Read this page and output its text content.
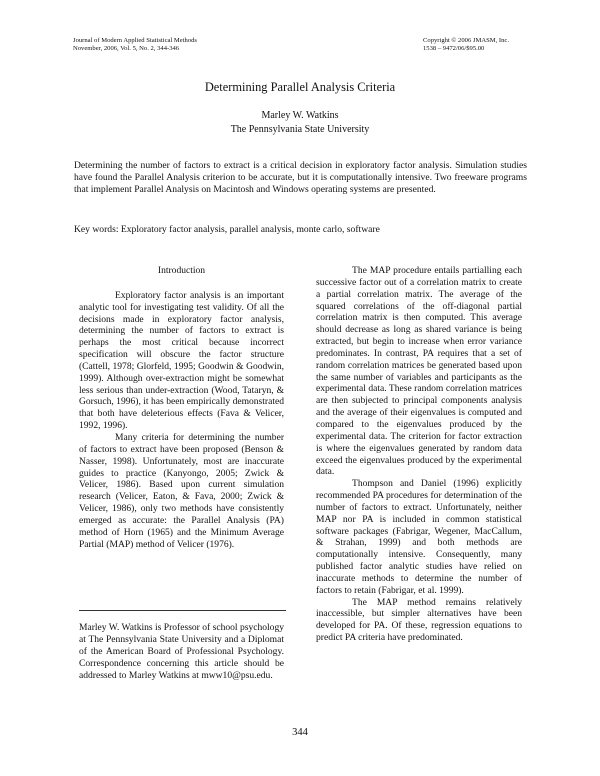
Journal of Modern Applied Statistical Methods
November, 2006, Vol. 5, No. 2, 344-346
Copyright © 2006 JMASM, Inc.
1538 – 9472/06/$95.00
Determining Parallel Analysis Criteria
Marley W. Watkins
The Pennsylvania State University
Determining the number of factors to extract is a critical decision in exploratory factor analysis. Simulation studies have found the Parallel Analysis criterion to be accurate, but it is computationally intensive. Two freeware programs that implement Parallel Analysis on Macintosh and Windows operating systems are presented.
Key words: Exploratory factor analysis, parallel analysis, monte carlo, software
Introduction

Exploratory factor analysis is an important analytic tool for investigating test validity. Of all the decisions made in exploratory factor analysis, determining the number of factors to extract is perhaps the most critical because incorrect specification will obscure the factor structure (Cattell, 1978; Glorfeld, 1995; Goodwin & Goodwin, 1999). Although over-extraction might be somewhat less serious than under-extraction (Wood, Tataryn, & Gorsuch, 1996), it has been empirically demonstrated that both have deleterious effects (Fava & Velicer, 1992, 1996).

Many criteria for determining the number of factors to extract have been proposed (Benson & Nasser, 1998). Unfortunately, most are inaccurate guides to practice (Kanyongo, 2005; Zwick & Velicer, 1986). Based upon current simulation research (Velicer, Eaton, & Fava, 2000; Zwick & Velicer, 1986), only two methods have consistently emerged as accurate: the Parallel Analysis (PA) method of Horn (1965) and the Minimum Average Partial (MAP) method of Velicer (1976).

Marley W. Watkins is Professor of school psychology at The Pennsylvania State University and a Diplomat of the American Board of Professional Psychology. Correspondence concerning this article should be addressed to Marley Watkins at mww10@psu.edu.

The MAP procedure entails partialling each successive factor out of a correlation matrix to create a partial correlation matrix. The average of the squared correlations of the off-diagonal partial correlation matrix is then computed. This average should decrease as long as shared variance is being extracted, but begin to increase when error variance predominates. In contrast, PA requires that a set of random correlation matrices be generated based upon the same number of variables and participants as the experimental data. These random correlation matrices are then subjected to principal components analysis and the average of their eigenvalues is computed and compared to the eigenvalues produced by the experimental data. The criterion for factor extraction is where the eigenvalues generated by random data exceed the eigenvalues produced by the experimental data.

Thompson and Daniel (1996) explicitly recommended PA procedures for determination of the number of factors to extract. Unfortunately, neither MAP nor PA is included in common statistical software packages (Fabrigar, Wegener, MacCallum, & Strahan, 1999) and both methods are computationally intensive. Consequently, many published factor analytic studies have relied on inaccurate methods to determine the number of factors to retain (Fabrigar, et al. 1999).

The MAP method remains relatively inaccessible, but simpler alternatives have been developed for PA. Of these, regression equations to predict PA criteria have predominated.

344
